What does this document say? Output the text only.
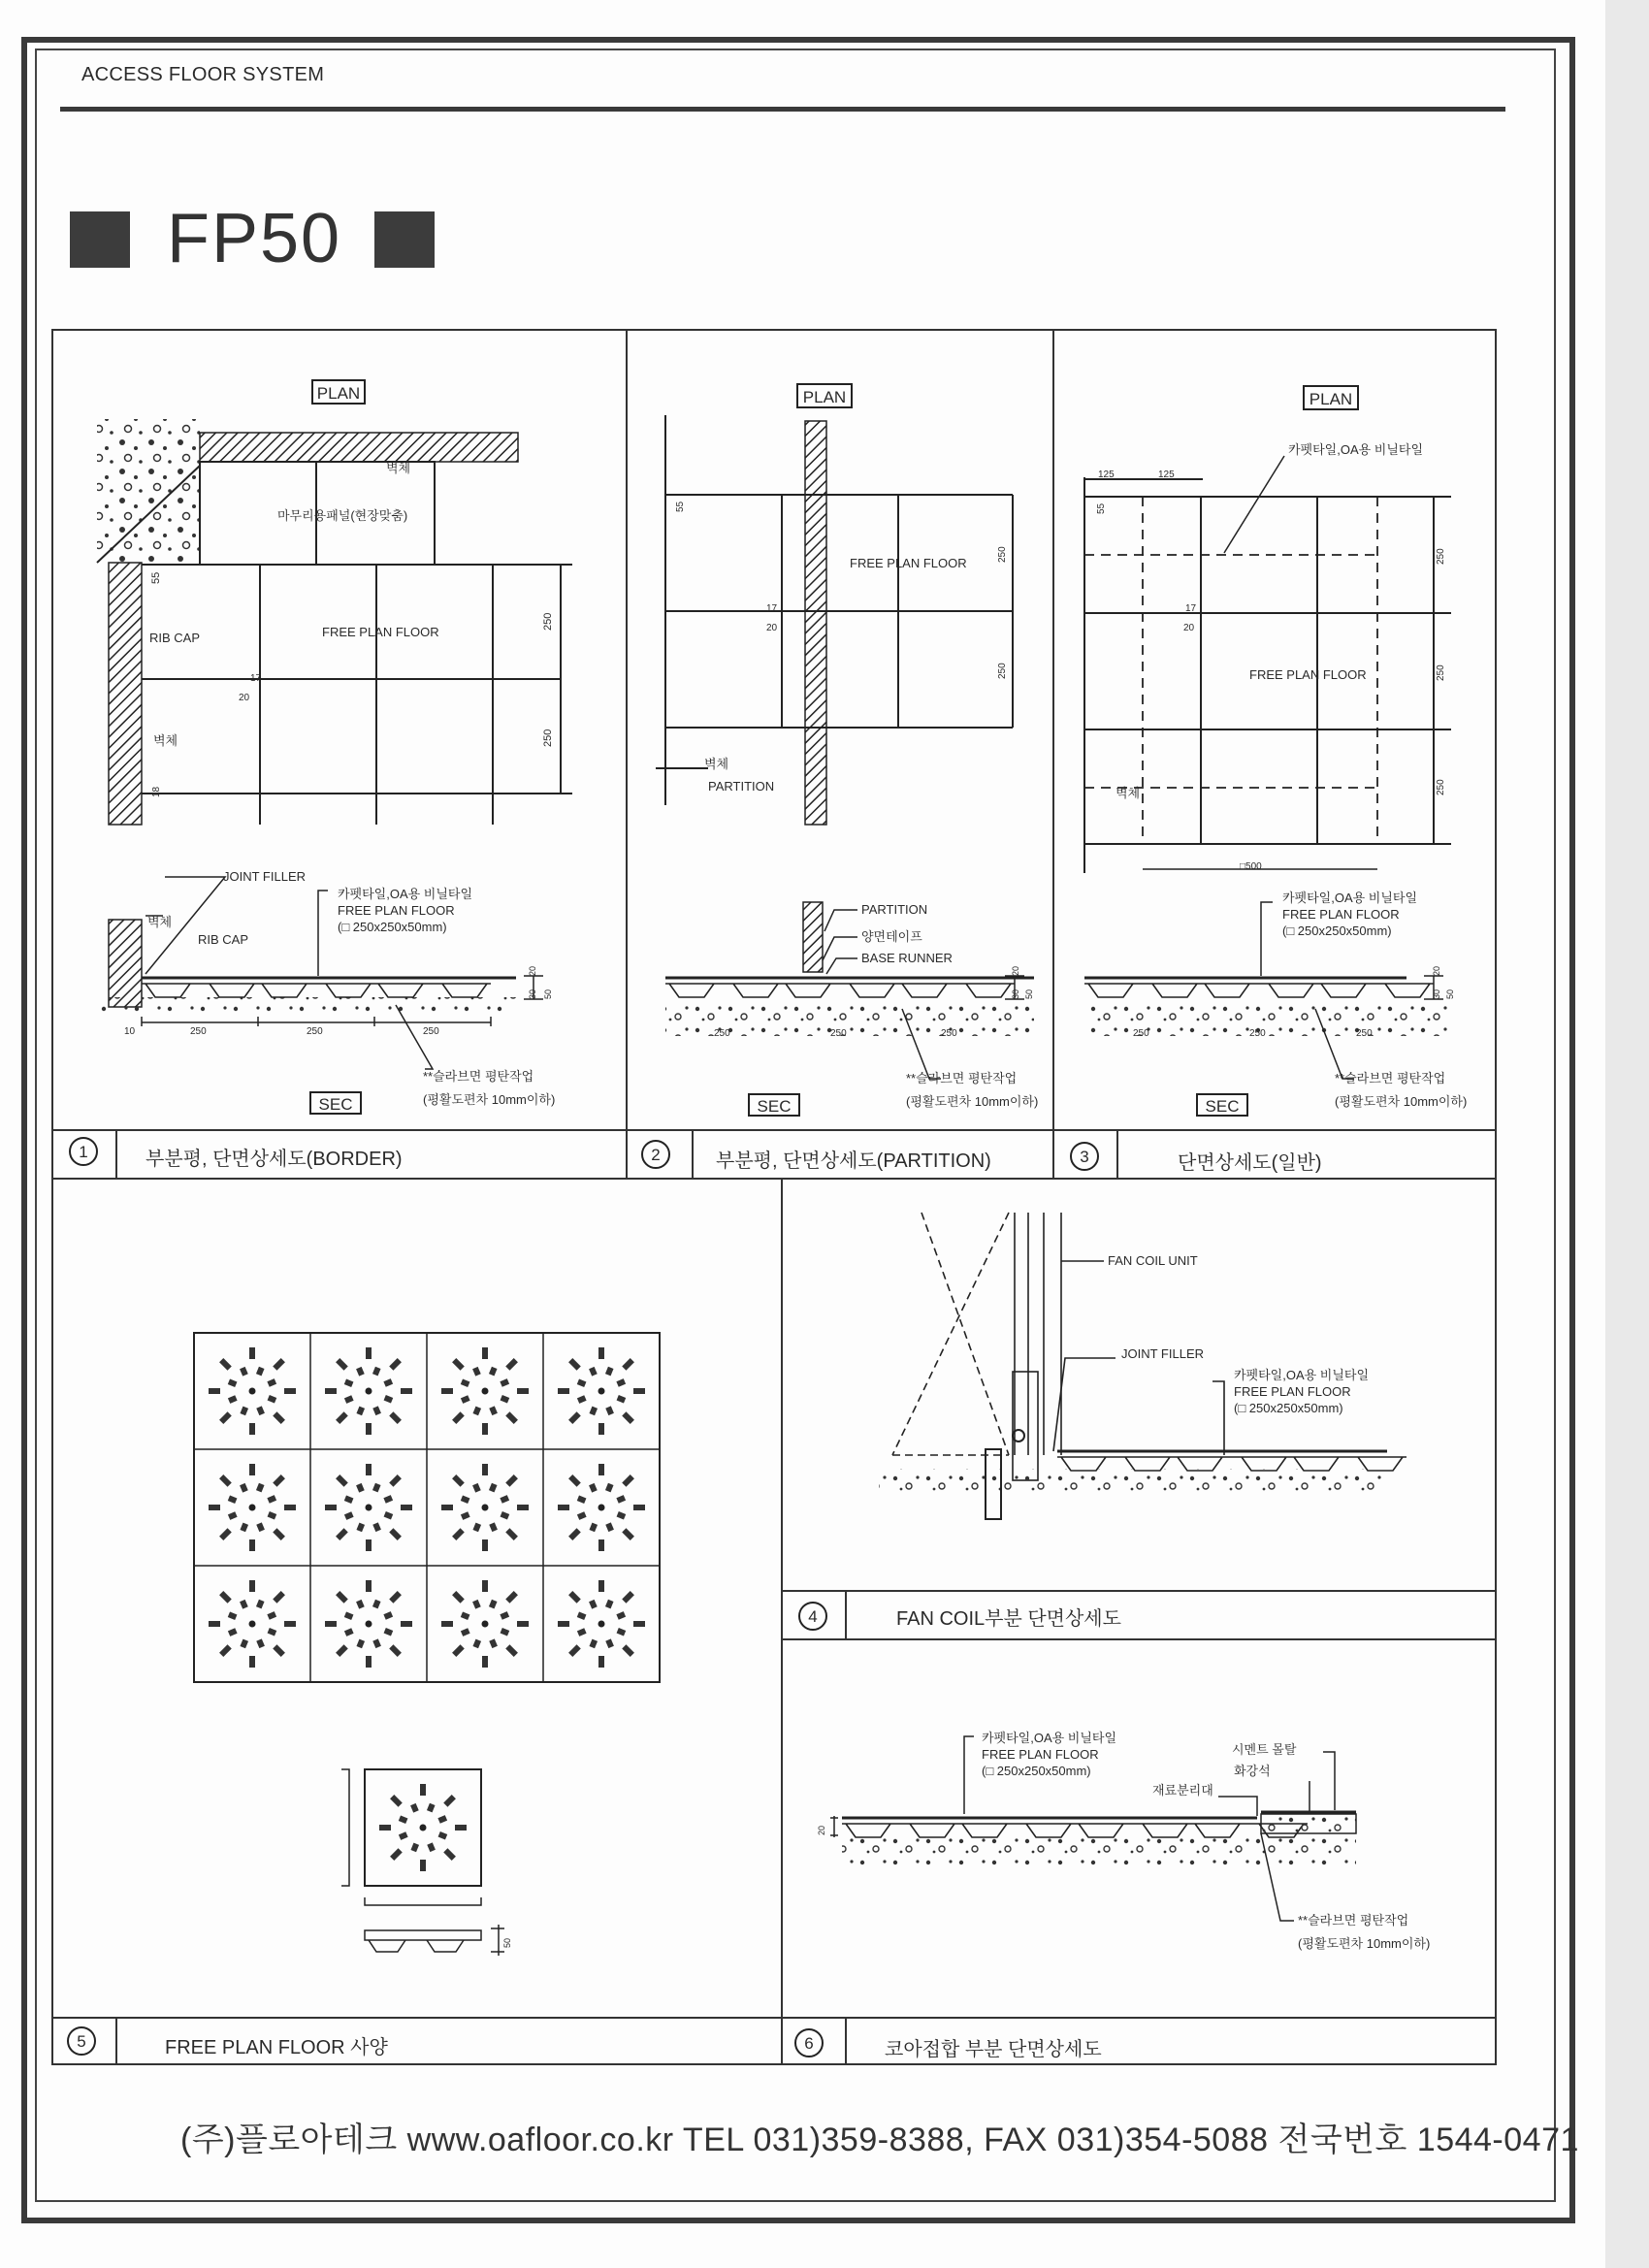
ACCESS FLOOR SYSTEM
FP50
PLAN
250
250
55
17
20
18
벽체
마무리용패널(현장맞춤)
RIB CAP	FREE PLAN FLOOR
벽체
JOINT FILLER
벽체
RIB CAP
카펫타일,OA용 비닐타일
FREE PLAN FLOOR
(□ 250x250x50mm)
10	250	250	250
20
30 50
**슬라브면 평탄작업
(평활도편차 10mm이하)
SEC
PLAN
FREE PLAN FLOOR
벽체
PARTITION
55
17
20
250
250
PARTITION
양면테이프
BASE RUNNER
250	250	250
20
30 50
**슬라브면 평탄작업
(평활도편차 10mm이하)
SEC
PLAN
125	125
55
17
20
250
250
250
카펫타일,OA용 비닐타일
FREE PLAN FLOOR
벽체
□500
카펫타일,OA용 비닐타일
FREE PLAN FLOOR
(□ 250x250x50mm)
250	250	250
20
30 50
**슬라브면 평탄작업
(평활도편차 10mm이하)
SEC
FAN COIL UNIT
JOINT FILLER
카펫타일,OA용 비닐타일
FREE PLAN FLOOR
(□ 250x250x50mm)
50
20
카펫타일,OA용 비닐타일
FREE PLAN FLOOR
(□ 250x250x50mm)
시멘트 몰탈
화강석
재료분리대
**슬라브면 평탄작업
(평활도편차 10mm이하)
1	2	3
4
5	6
부분평, 단면상세도(BORDER)	부분평, 단면상세도(PARTITION)	단면상세도(일반)
FAN COIL부분 단면상세도
FREE PLAN FLOOR 사양	코아접합 부분 단면상세도
(주)플로아테크 www.oafloor.co.kr TEL 031)359-8388, FAX 031)354-5088 전국번호 1544-0471
